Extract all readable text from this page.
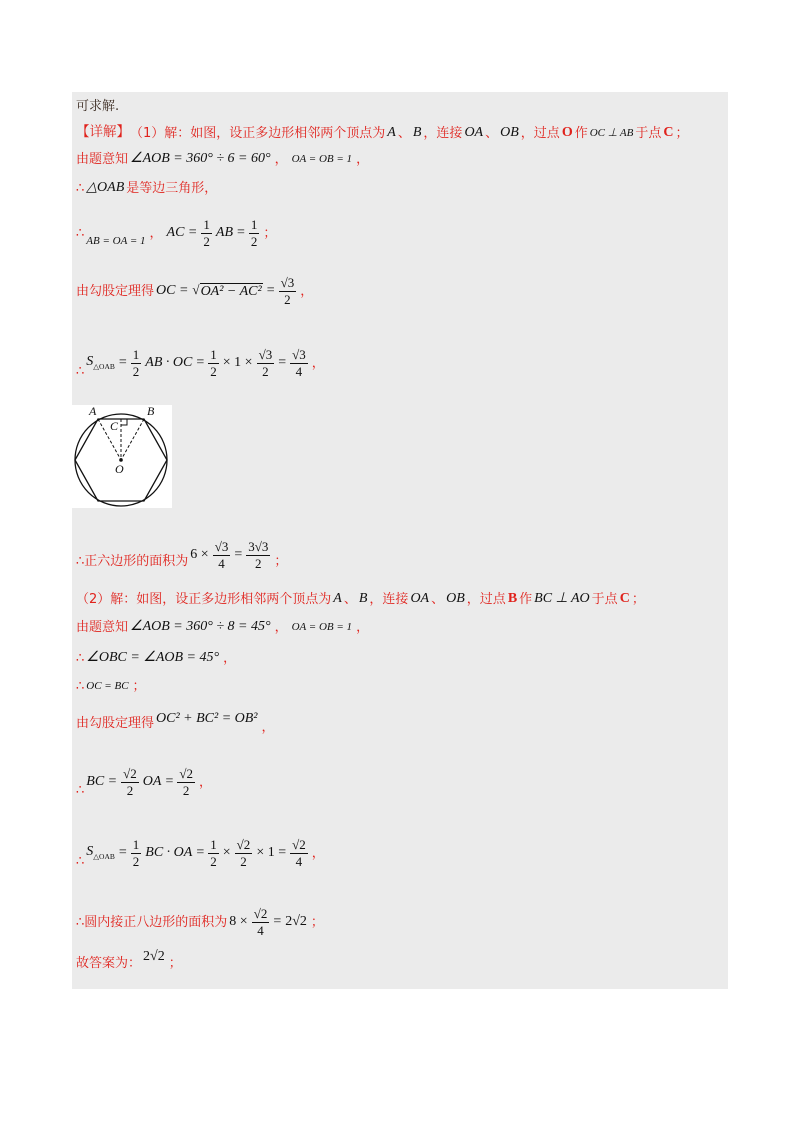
可求解.
【详解】 （1）解：如图，设正多边形相邻两个顶点为 A 、 B ，连接 OA 、 OB ，过点 O 作 OC ⊥ AB 于点 C ；
由题意知 ∠AOB = 360° ÷ 6 = 60° ， OA = OB = 1 ，
∴ △OAB 是等边三角形，
∴ AB = OA = 1 ， AC = $\frac{1}{2}$ AB = $\frac{1}{2}$ ；
由勾股定理得 OC = √ $OA^2 - AC^2 = \frac{√3}{2}$ ，
∴
$S_{\triangle OAB} = \frac{1}{2}$ AB · OC = $\frac{1}{2} \times 1 \times \frac{√3}{2} = \frac{√3}{4}$ ，
A	B
C
O
∴正六边形的面积为 $6 \times \frac{√3}{4} = \frac{3√3}{2}$ ；
（2）解：如图，设正多边形相邻两个顶点为 A 、 B ，连接 OA 、 OB ，过点 B 作 BC ⊥ AO 于点 C ；
由题意知 ∠AOB = 360° ÷ 8 = 45° ， OA = OB = 1 ，
∴ ∠OBC = ∠AOB = 45° ，
∴ OC = BC ；
由勾股定理得 OC² + BC² = OB²
，
∴
BC = $\frac{√2}{2}$ OA = $\frac{√2}{2}$ ，
∴
$S_{\triangle OAB} = \frac{1}{2}$ BC · OA = $\frac{1}{2} \times \frac{√2}{2} \times 1 = \frac{√2}{4}$ ，
∴圆内接正八边形的面积为 $8 \times \frac{√2}{4} = 2√2$ ；
故答案为： 2√2 ；
